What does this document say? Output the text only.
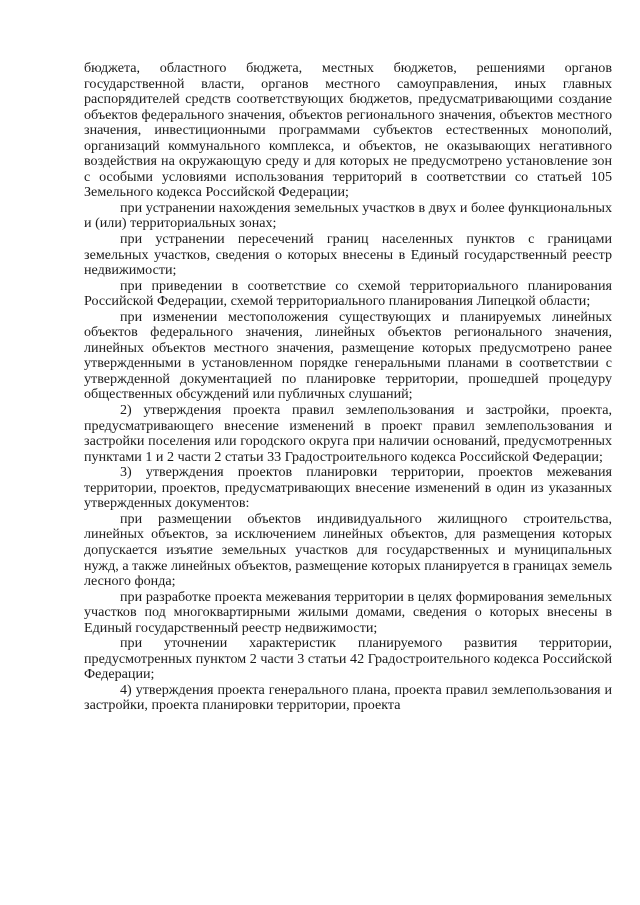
бюджета, областного бюджета, местных бюджетов, решениями органов государственной власти, органов местного самоуправления, иных главных распорядителей средств соответствующих бюджетов, предусматривающими создание объектов федерального значения, объектов регионального значения, объектов местного значения, инвестиционными программами субъектов естественных монополий, организаций коммунального комплекса, и объектов, не оказывающих негативного воздействия на окружающую среду и для которых не предусмотрено установление зон с особыми условиями использования территорий в соответствии со статьей 105 Земельного кодекса Российской Федерации;

при устранении нахождения земельных участков в двух и более функциональных и (или) территориальных зонах;

при устранении пересечений границ населенных пунктов с границами земельных участков, сведения о которых внесены в Единый государственный реестр недвижимости;

при приведении в соответствие со схемой территориального планирования Российской Федерации, схемой территориального планирования Липецкой области;

при изменении местоположения существующих и планируемых линейных объектов федерального значения, линейных объектов регионального значения, линейных объектов местного значения, размещение которых предусмотрено ранее утвержденными в установленном порядке генеральными планами в соответствии с утвержденной документацией по планировке территории, прошедшей процедуру общественных обсуждений или публичных слушаний;

2) утверждения проекта правил землепользования и застройки, проекта, предусматривающего внесение изменений в проект правил землепользования и застройки поселения или городского округа при наличии оснований, предусмотренных пунктами 1 и 2 части 2 статьи 33 Градостроительного кодекса Российской Федерации;

3) утверждения проектов планировки территории, проектов межевания территории, проектов, предусматривающих внесение изменений в один из указанных утвержденных документов:

при размещении объектов индивидуального жилищного строительства, линейных объектов, за исключением линейных объектов, для размещения которых допускается изъятие земельных участков для государственных и муниципальных нужд, а также линейных объектов, размещение которых планируется в границах земель лесного фонда;

при разработке проекта межевания территории в целях формирования земельных участков под многоквартирными жилыми домами, сведения о которых внесены в Единый государственный реестр недвижимости;

при уточнении характеристик планируемого развития территории, предусмотренных пунктом 2 части 3 статьи 42 Градостроительного кодекса Российской Федерации;

4) утверждения проекта генерального плана, проекта правил землепользования и застройки, проекта планировки территории, проекта
